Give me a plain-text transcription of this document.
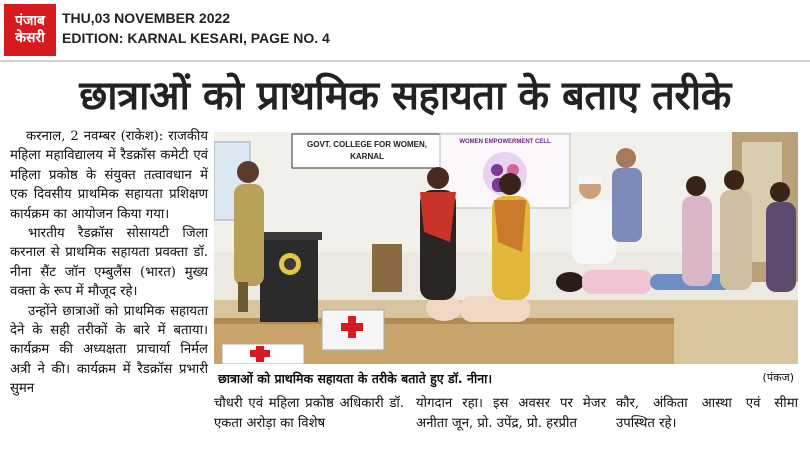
पंजाब
केसरी
THU,03 NOVEMBER 2022
EDITION: KARNAL KESARI, PAGE NO. 4
छात्राओं को प्राथमिक सहायता के बताए तरीके

करनाल, 2 नवम्बर (राकेश): राजकीय महिला महाविद्यालय में रैडक्रॉस कमेटी एवं महिला प्रकोष्ठ के संयुक्त तत्वावधान में एक दिवसीय प्राथमिक सहायता प्रशिक्षण कार्यक्रम का आयोजन किया गया।

भारतीय रैडक्रॉस सोसायटी जिला करनाल से प्राथमिक सहायता प्रवक्ता डॉ. नीना सैंट जॉन एम्बुलैंस (भारत) मुख्य वक्ता के रूप में मौजूद रहे।

उन्होंने छात्राओं को प्राथमिक सहायता देने के सही तरीकों के बारे में बताया। कार्यक्रम की अध्यक्षता प्राचार्या निर्मल अत्री ने की। कार्यक्रम में रैडक्रॉस प्रभारी सुमन

GOVT. COLLEGE FOR WOMEN,
KARNAL
WOMEN EMPOWERMENT CELL
छात्राओं को प्राथमिक सहायता के तरीके बताते हुए डॉ. नीना।	(पंकज)
चौधरी एवं महिला प्रकोष्ठ अधिकारी डॉ. एकता अरोड़ा का विशेष
योगदान रहा। इस अवसर पर मेजर अनीता जून, प्रो. उपेंद्र, प्रो. हरप्रीत
कौर, अंकिता आस्था एवं सीमा उपस्थित रहे।
